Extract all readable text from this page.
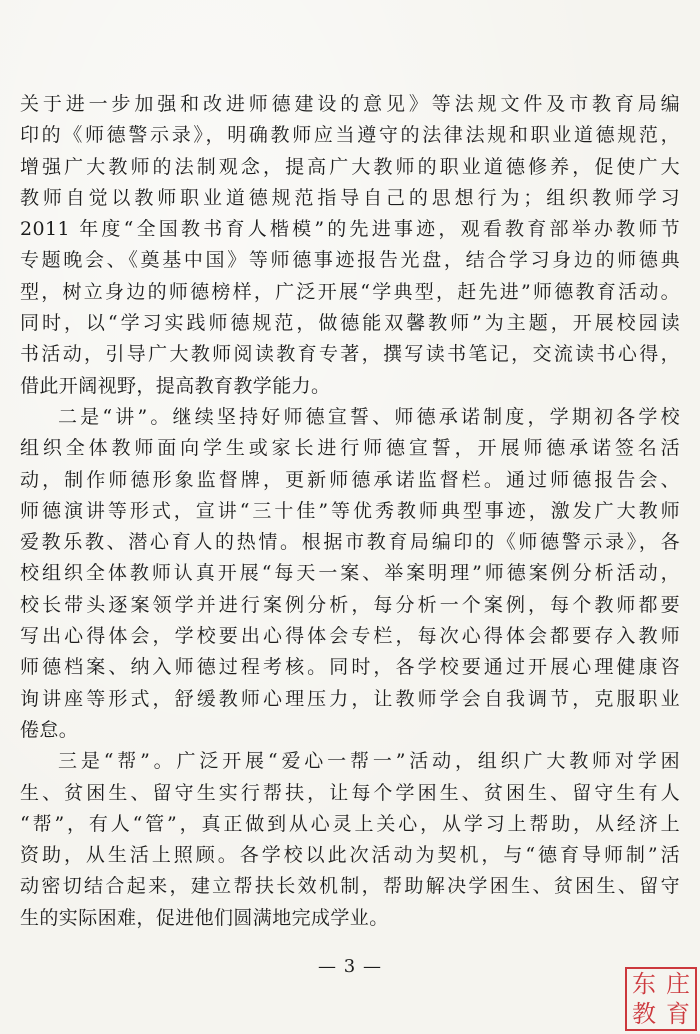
关于进一步加强和改进师德建设的意见》等法规文件及市教育局编
印的《师德警示录》，明确教师应当遵守的法律法规和职业道德规范，
增强广大教师的法制观念，提高广大教师的职业道德修养，促使广大
教师自觉以教师职业道德规范指导自己的思想行为；组织教师学习
2011 年度“全国教书育人楷模”的先进事迹，观看教育部举办教师节
专题晚会、《奠基中国》等师德事迹报告光盘，结合学习身边的师德典
型，树立身边的师德榜样，广泛开展“学典型，赶先进”师德教育活动。
同时，以“学习实践师德规范，做德能双馨教师”为主题，开展校园读
书活动，引导广大教师阅读教育专著，撰写读书笔记，交流读书心得，
借此开阔视野，提高教育教学能力。
二是“讲”。继续坚持好师德宣誓、师德承诺制度，学期初各学校
组织全体教师面向学生或家长进行师德宣誓，开展师德承诺签名活
动，制作师德形象监督牌，更新师德承诺监督栏。通过师德报告会、
师德演讲等形式，宣讲“三十佳”等优秀教师典型事迹，激发广大教师
爱教乐教、潜心育人的热情。根据市教育局编印的《师德警示录》，各
校组织全体教师认真开展“每天一案、举案明理”师德案例分析活动，
校长带头逐案领学并进行案例分析，每分析一个案例，每个教师都要
写出心得体会，学校要出心得体会专栏，每次心得体会都要存入教师
师德档案、纳入师德过程考核。同时，各学校要通过开展心理健康咨
询讲座等形式，舒缓教师心理压力，让教师学会自我调节，克服职业
倦怠。
三是“帮”。广泛开展“爱心一帮一”活动，组织广大教师对学困
生、贫困生、留守生实行帮扶，让每个学困生、贫困生、留守生有人
“帮”，有人“管”，真正做到从心灵上关心，从学习上帮助，从经济上
资助，从生活上照顾。各学校以此次活动为契机，与“德育导师制”活
动密切结合起来，建立帮扶长效机制，帮助解决学困生、贫困生、留守
生的实际困难，促进他们圆满地完成学业。
— 3 —
东 庄
教 育
